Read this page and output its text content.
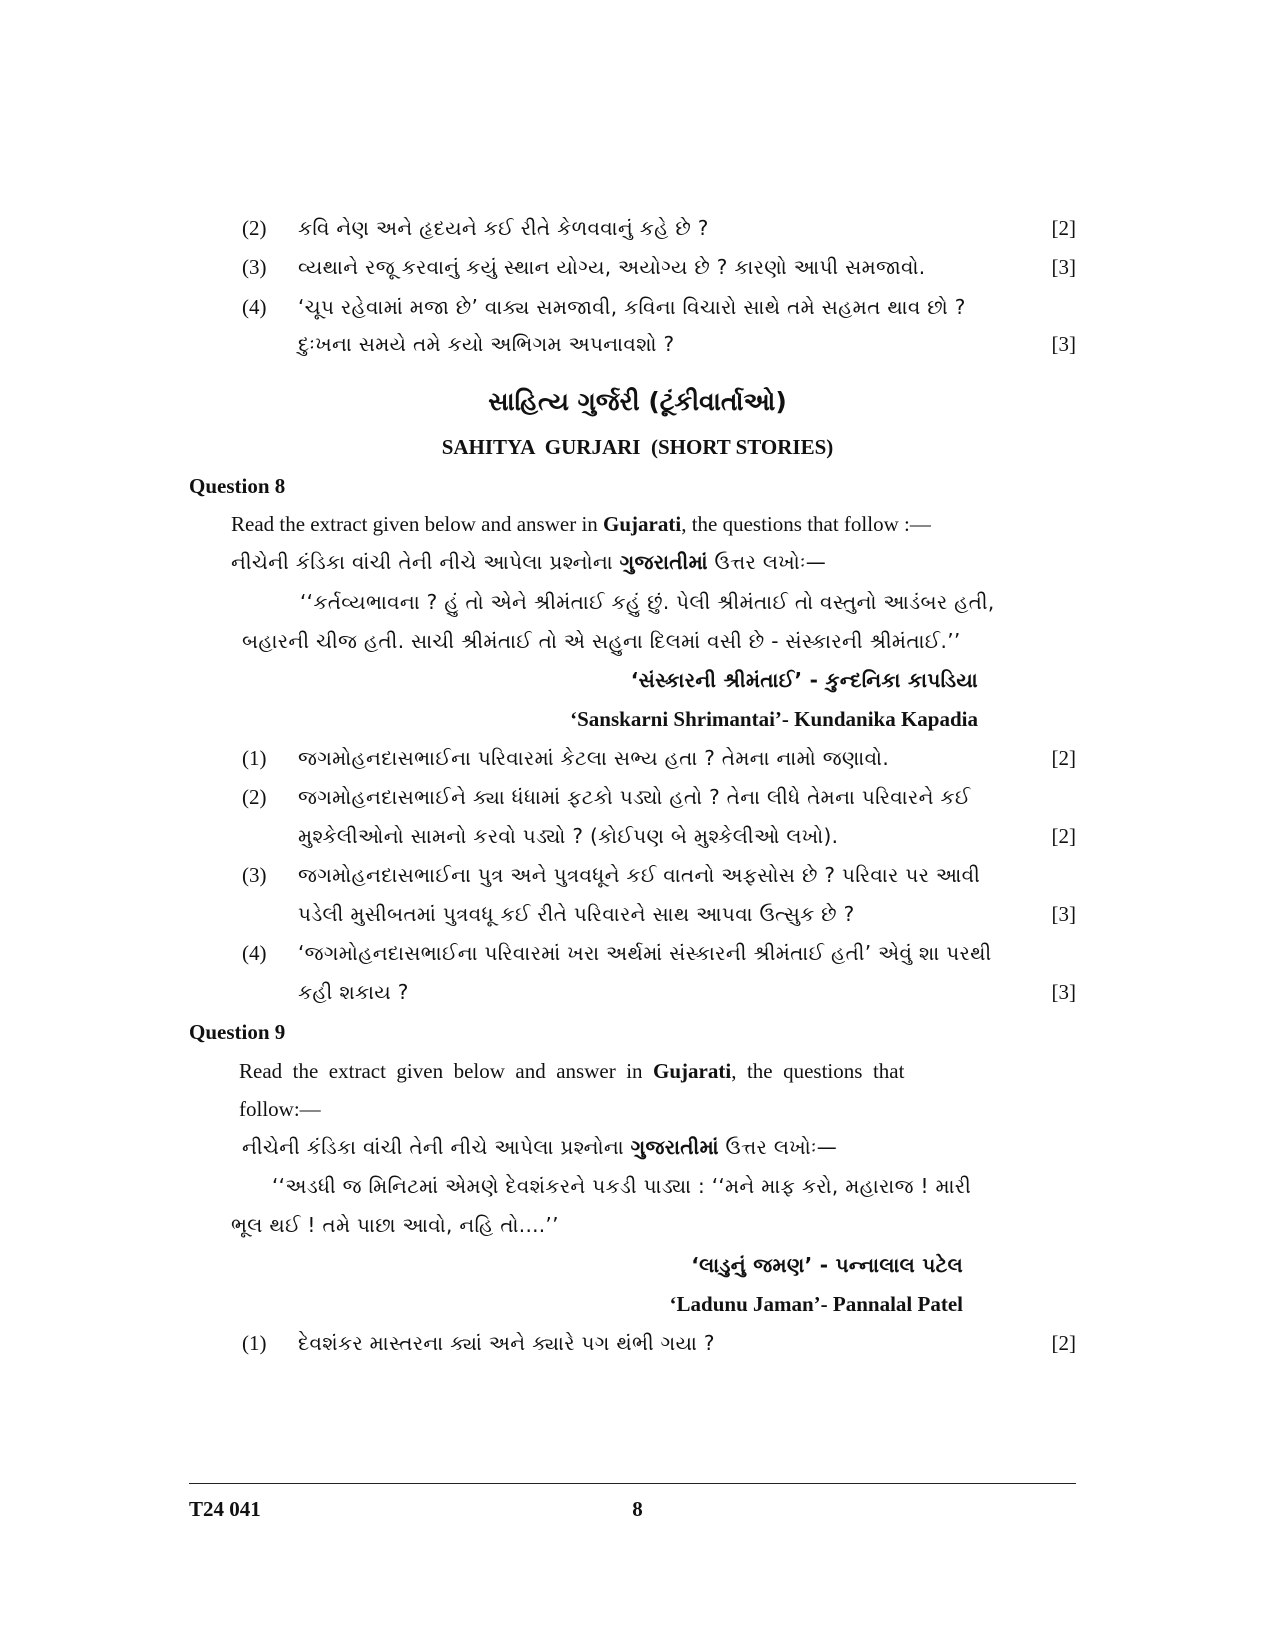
(2) કવિ નેણ અને હૃદયને કઈ રીતે કેળવવાનું કહે છે ?	[2]
(3) વ્યથાને રજૂ કરવાનું કયું સ્થાન યોગ્ય, અયોગ્ય છે ? કારણો આપી સમજાવો.	[3]
(4) ‘ચૂપ રહેવામાં મજા છે’ વાક્ય સમજાવી, કવિના વિચારો સાથે તમે સહમત થાવ છો ?
દુઃખના સમયે તમે કયો અભિગમ અપનાવશો ?	[3]
સાહિત્ય ગુર્જરી (ટૂંકીવાર્તાઓ)
SAHITYA  GURJARI  (SHORT STORIES)
Question 8
Read the extract given below and answer in Gujarati, the questions that follow :—
નીચેની કંડિકા વાંચી તેની નીચે આપેલા પ્રશ્નોના ગુજરાતીમાં ઉત્તર લખોઃ—
‘‘કર્તવ્યભાવના ? હું તો એને શ્રીમંતાઈ કહું છું. પેલી શ્રીમંતાઈ તો વસ્તુનો આડંબર હતી,
બહારની ચીજ હતી. સાચી શ્રીમંતાઈ તો એ સહુના દિલમાં વસી છે - સંસ્કારની શ્રીમંતાઈ.’’
‘સંસ્કારની શ્રીમંતાઈ’ - કુન્દનિકા કાપડિયા
‘Sanskarni Shrimantai’- Kundanika Kapadia
(1) જગમોહનદાસભાઈના પરિવારમાં કેટલા સભ્ય હતા ? તેમના નામો જણાવો.	[2]
(2) જગમોહનદાસભાઈને ક્યા ધંધામાં ફટકો પડ્યો હતો ? તેના લીધે તેમના પરિવારને કઈ
મુશ્કેલીઓનો સામનો કરવો પડ્યો ? (કોઈપણ બે મુશ્કેલીઓ લખો).	[2]
(3) જગમોહનદાસભાઈના પુત્ર અને પુત્રવધૂને કઈ વાતનો અફસોસ છે ? પરિવાર પર આવી
પડેલી મુસીબતમાં પુત્રવધૂ કઈ રીતે પરિવારને સાથ આપવા ઉત્સુક છે ?	[3]
(4) ‘જગમોહનદાસભાઈના પરિવારમાં ખરા અર્થમાં સંસ્કારની શ્રીમંતાઈ હતી’ એવું શા પરથી
કહી શકાય ?	[3]
Question 9
Read  the  extract  given  below  and  answer  in  Gujarati,  the  questions  that
follow:—
નીચેની કંડિકા વાંચી તેની નીચે આપેલા પ્રશ્નોના ગુજરાતીમાં ઉત્તર લખોઃ—
‘‘અડધી જ મિનિટમાં એમણે દેવશંકરને પકડી પાડ્યા : ‘‘મને માફ કરો, મહારાજ ! મારી
ભૂલ થઈ ! તમે પાછા આવો, નહિ તો....’’
‘લાડુનું જમણ’ - પન્નાલાલ પટેલ
‘Ladunu Jaman’- Pannalal Patel
(1) દેવશંકર માસ્તરના ક્યાં અને ક્યારે પગ થંભી ગયા ?	[2]
T24 041	8
